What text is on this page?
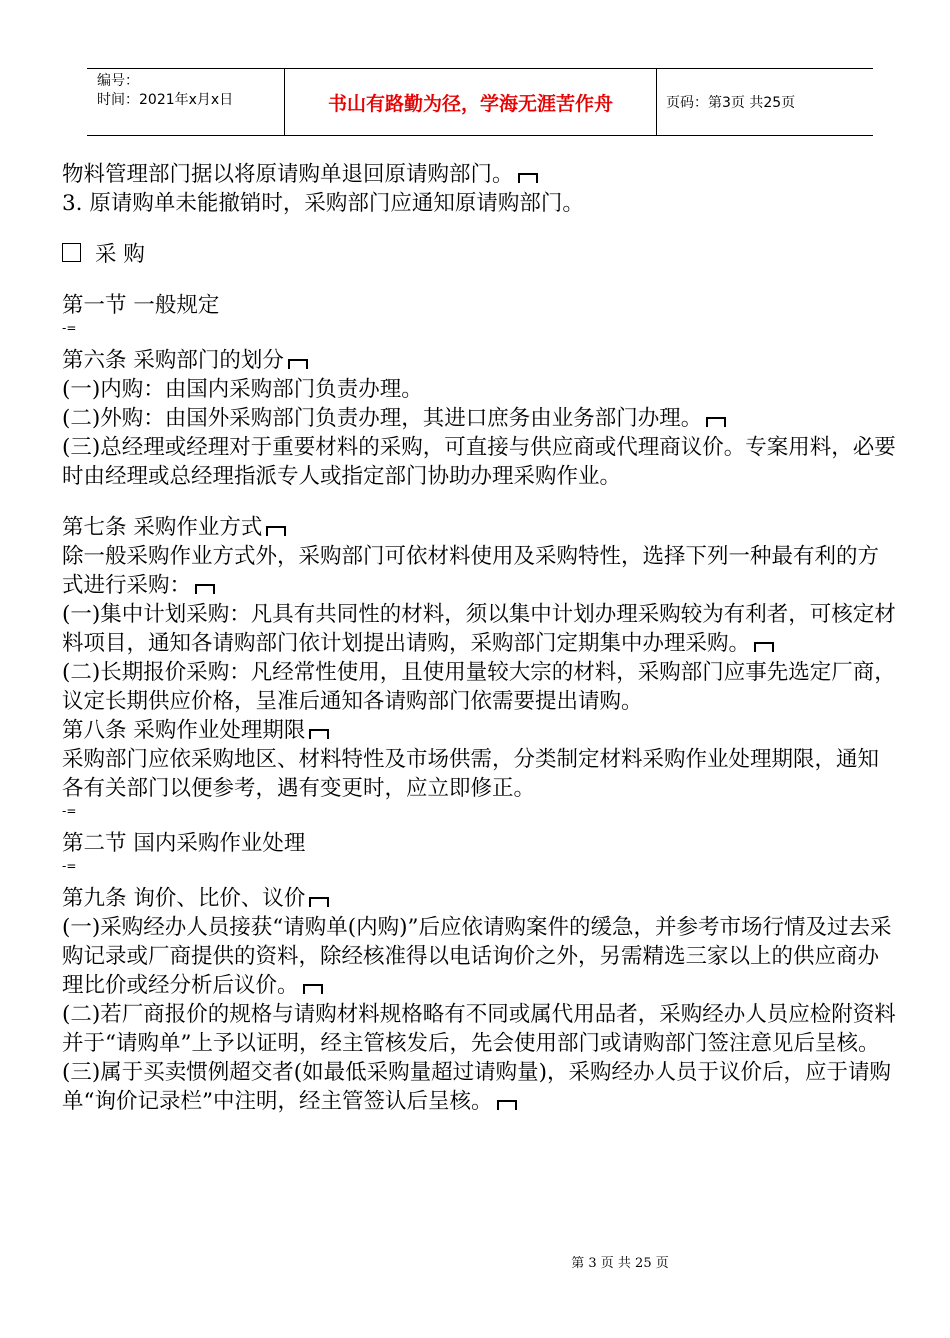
编号：
时间：2021年x月x日	书山有路勤为径，学海无涯苦作舟	页码：第3页 共25页

物料管理部门据以将原请购单退回原请购部门。

3. 原请购单未能撤销时，采购部门应通知原请购部门。

采 购

第一节 一般规定

-=

第六条 采购部门的划分

(一)内购：由国内采购部门负责办理。

(二)外购：由国外采购部门负责办理，其进口庶务由业务部门办理。

(三)总经理或经理对于重要材料的采购，可直接与供应商或代理商议价。专案用料，必要时由经理或总经理指派专人或指定部门协助办理采购作业。

第七条 采购作业方式

除一般采购作业方式外，采购部门可依材料使用及采购特性，选择下列一种最有利的方式进行采购：

(一)集中计划采购：凡具有共同性的材料，须以集中计划办理采购较为有利者，可核定材料项目，通知各请购部门依计划提出请购，采购部门定期集中办理采购。

(二)长期报价采购：凡经常性使用，且使用量较大宗的材料，采购部门应事先选定厂商，议定长期供应价格，呈准后通知各请购部门依需要提出请购。

第八条 采购作业处理期限

采购部门应依采购地区、材料特性及市场供需，分类制定材料采购作业处理期限，通知各有关部门以便参考，遇有变更时，应立即修正。

-=

第二节 国内采购作业处理

-=

第九条 询价、比价、议价

(一)采购经办人员接获“请购单(内购)”后应依请购案件的缓急，并参考市场行情及过去采购记录或厂商提供的资料，除经核准得以电话询价之外，另需精选三家以上的供应商办理比价或经分析后议价。

(二)若厂商报价的规格与请购材料规格略有不同或属代用品者，采购经办人员应检附资料并于“请购单”上予以证明，经主管核发后，先会使用部门或请购部门签注意见后呈核。

(三)属于买卖惯例超交者(如最低采购量超过请购量)，采购经办人员于议价后，应于请购单“询价记录栏”中注明，经主管签认后呈核。

第 3 页 共 25 页
